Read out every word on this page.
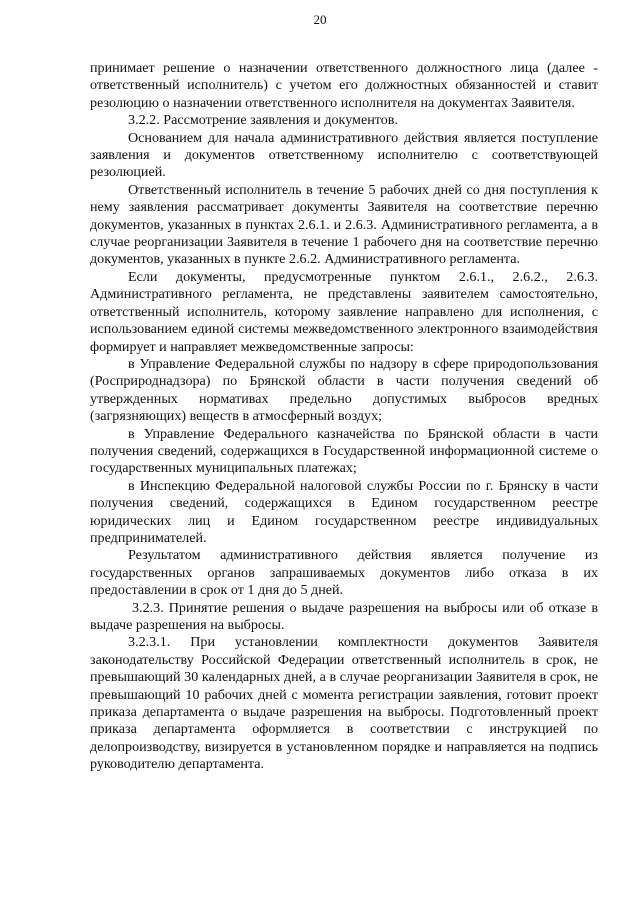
20

принимает решение о назначении ответственного должностного лица (далее - ответственный исполнитель) с учетом его должностных обязанностей и ставит резолюцию о назначении ответственного исполнителя на документах Заявителя.

3.2.2. Рассмотрение заявления и документов.

Основанием для начала административного действия является поступление заявления и документов ответственному исполнителю с соответствующей резолюцией.

Ответственный исполнитель в течение 5 рабочих дней со дня поступления к нему заявления рассматривает документы Заявителя на соответствие перечню документов, указанных в пунктах 2.6.1. и 2.6.3. Административного регламента, а в случае реорганизации Заявителя в течение 1 рабочего дня на соответствие перечню документов, указанных в пункте 2.6.2. Административного регламента.

Если документы, предусмотренные пунктом 2.6.1., 2.6.2., 2.6.3. Административного регламента, не представлены заявителем самостоятельно, ответственный исполнитель, которому заявление направлено для исполнения, с использованием единой системы межведомственного электронного взаимодействия формирует и направляет межведомственные запросы:

в Управление Федеральной службы по надзору в сфере природопользования (Росприроднадзора) по Брянской области в части получения сведений об утвержденных нормативах предельно допустимых выбросов вредных (загрязняющих) веществ в атмосферный воздух;

в Управление Федерального казначейства по Брянской области в части получения сведений, содержащихся в Государственной информационной системе о государственных муниципальных платежах;

в Инспекцию Федеральной налоговой службы России по г. Брянску в части получения сведений, содержащихся в Едином государственном реестре юридических лиц и Едином государственном реестре индивидуальных предпринимателей.

Результатом административного действия является получение из государственных органов запрашиваемых документов либо отказа в их предоставлении в срок от 1 дня до 5 дней.

3.2.3. Принятие решения о выдаче разрешения на выбросы или об отказе в выдаче разрешения на выбросы.

3.2.3.1. При установлении комплектности документов Заявителя законодательству Российской Федерации ответственный исполнитель в срок, не превышающий 30 календарных дней, а в случае реорганизации Заявителя в срок, не превышающий 10 рабочих дней с момента регистрации заявления, готовит проект приказа департамента о выдаче разрешения на выбросы. Подготовленный проект приказа департамента оформляется в соответствии с инструкцией по делопроизводству, визируется в установленном порядке и направляется на подпись руководителю департамента.
